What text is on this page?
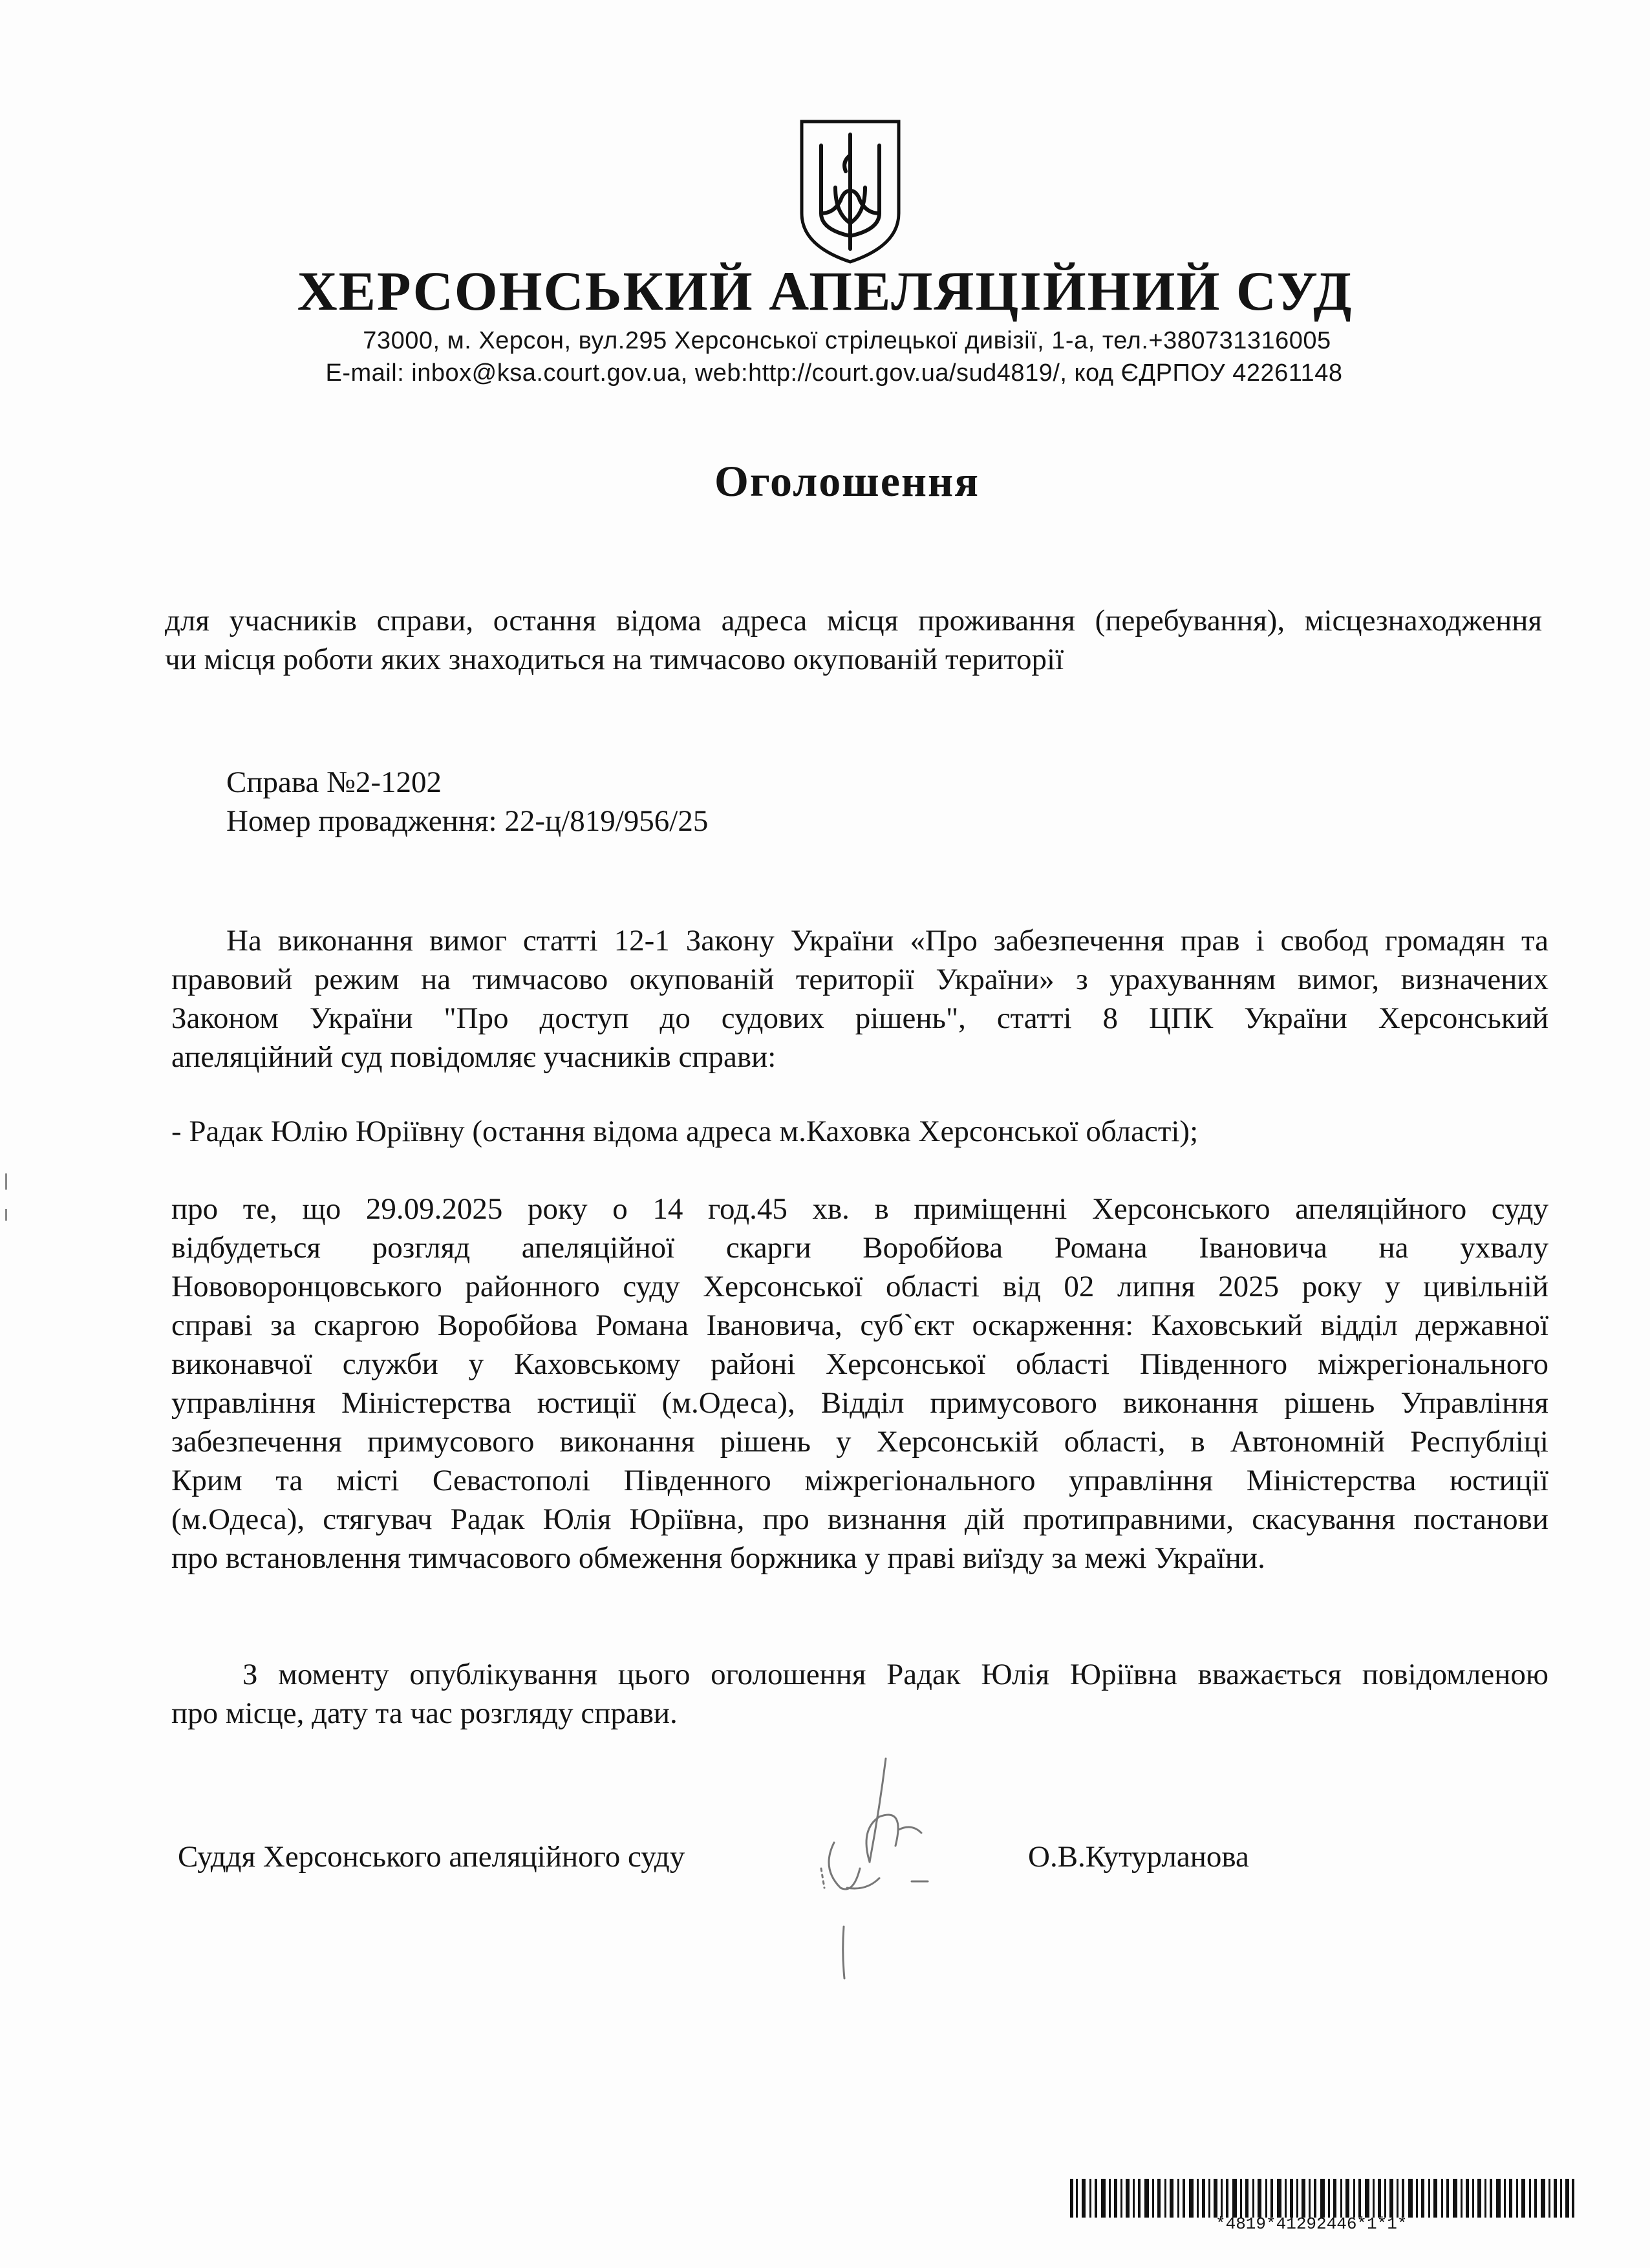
ХЕРСОНСЬКИЙ АПЕЛЯЦІЙНИЙ СУД
73000, м. Херсон, вул.295 Херсонської стрілецької дивізії, 1-а, тел.+380731316005
E-mail: inbox@ksa.court.gov.ua, web:http://court.gov.ua/sud4819/, код ЄДРПОУ 42261148
Оголошення
для учасників справи, остання відома адреса місця проживання (перебування), місцезнаходження
чи місця роботи яких знаходиться на тимчасово окупованій території
Справа №2-1202
Номер провадження: 22-ц/819/956/25
На виконання вимог статті 12-1 Закону України «Про забезпечення прав і свобод громадян та
правовий режим на тимчасово окупованій території України» з урахуванням вимог, визначених
Законом України "Про доступ до судових рішень", статті 8 ЦПК України Херсонський
апеляційний суд повідомляє учасників справи:
- Радак Юлію Юріївну (остання відома адреса м.Каховка Херсонської області);
про те, що 29.09.2025 року о 14 год.45 хв. в приміщенні Херсонського апеляційного суду
відбудеться розгляд апеляційної скарги Воробйова Романа Івановича на ухвалу
Нововоронцовського районного суду Херсонської області від 02 липня 2025 року у цивільній
справі за скаргою Воробйова Романа Івановича, суб`єкт оскарження: Каховський відділ державної
виконавчої служби у Каховському районі Херсонської області Південного міжрегіонального
управління Міністерства юстиції (м.Одеса), Відділ примусового виконання рішень Управління
забезпечення примусового виконання рішень у Херсонській області, в Автономній Республіці
Крим та місті Севастополі Південного міжрегіонального управління Міністерства юстиції
(м.Одеса), стягувач Радак Юлія Юріївна, про визнання дій протиправними, скасування постанови
про встановлення тимчасового обмеження боржника у праві виїзду за межі України.
З моменту опублікування цього оголошення Радак Юлія Юріївна вважається повідомленою
про місце, дату та час розгляду справи.
Суддя Херсонського апеляційного суду	О.В.Кутурланова
*4819*41292446*1*1*
